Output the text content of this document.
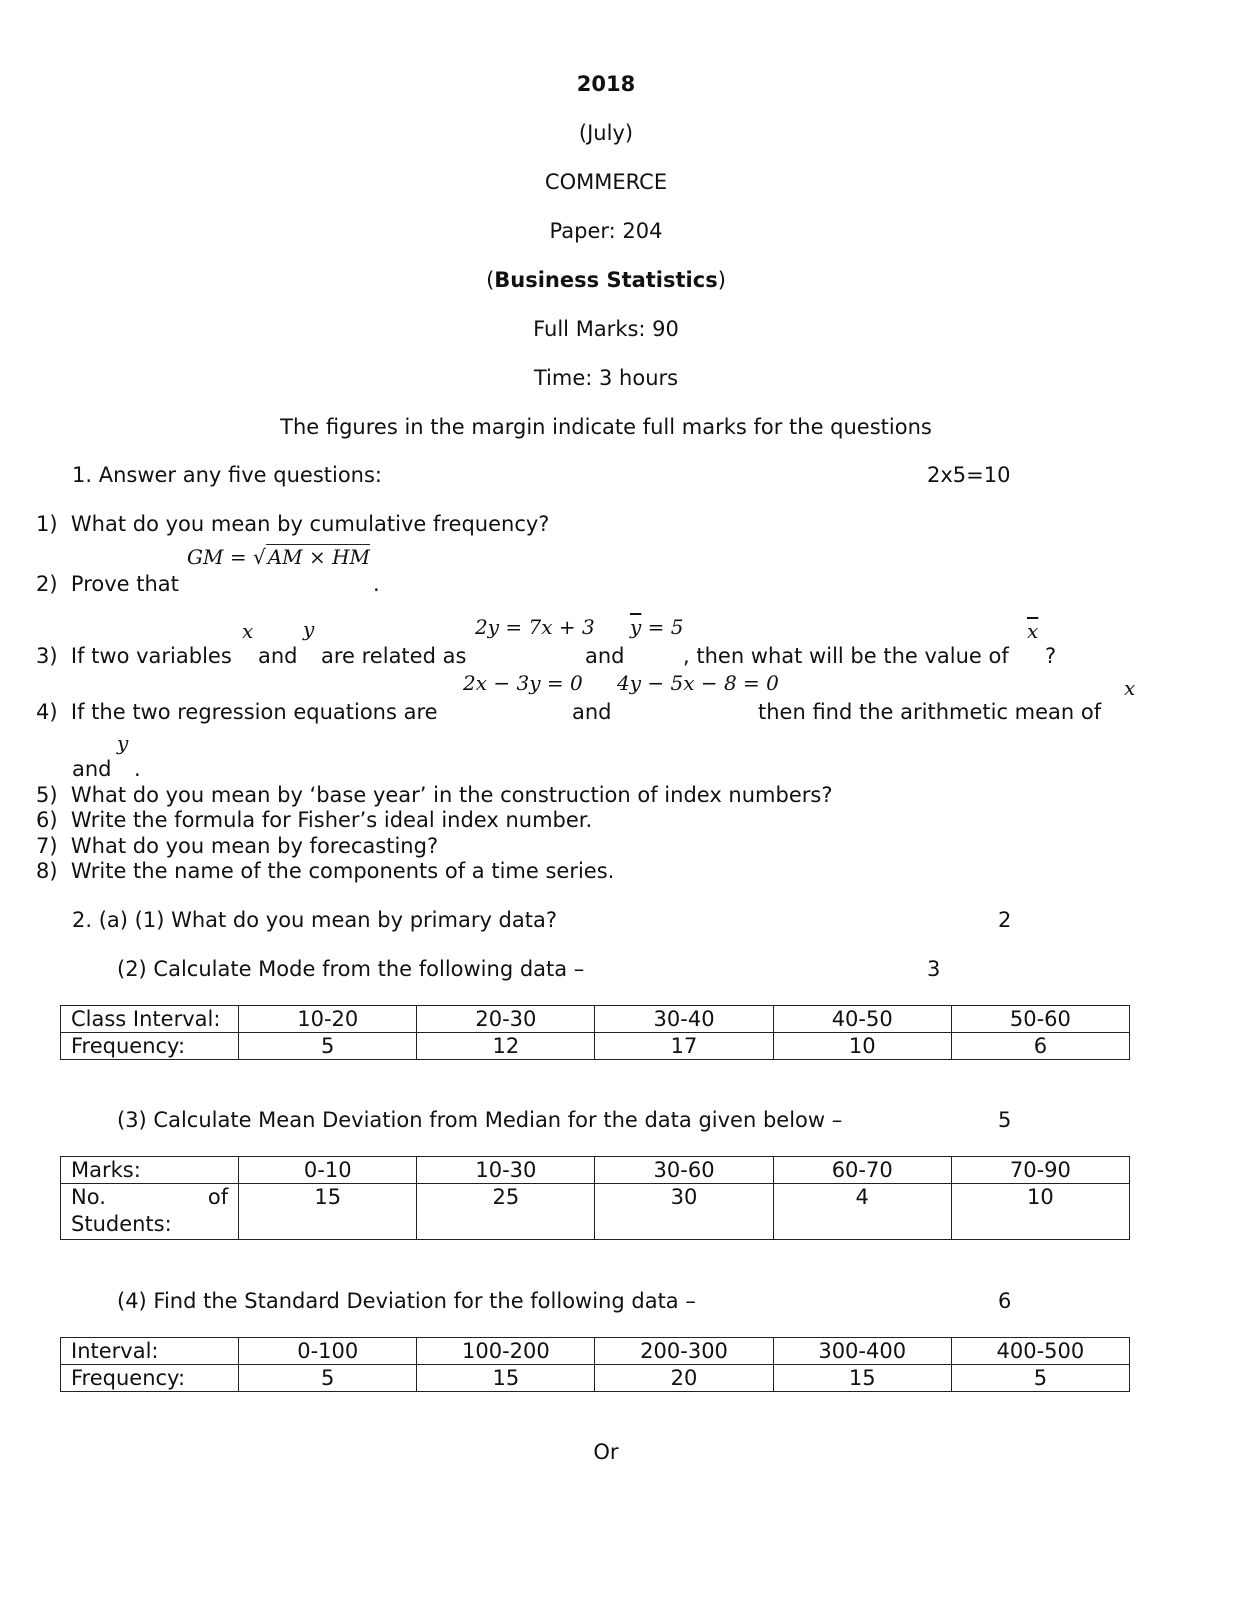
2018
(July)
COMMERCE
Paper: 204
(Business Statistics)
Full Marks: 90
Time: 3 hours
The figures in the margin indicate full marks for the questions
1. Answer any five questions:	2x5=10
1) What do you mean by cumulative frequency?
GM = √ AM × HM
2) Prove that	.
x y	2y = 7x + 3 $\overline{y} = 5$	$\overline{x}$
3) If two variables and are related as	and	, then what will be the value of ?
2x − 3y = 0 4y − 5x − 8 = 0	x
4) If the two regression equations are	and	then find the arithmetic mean of
y
and .
5) What do you mean by ‘base year’ in the construction of index numbers?
6) Write the formula for Fisher’s ideal index number.
7) What do you mean by forecasting?
8) Write the name of the components of a time series.
2. (a) (1) What do you mean by primary data?	2
(2) Calculate Mode from the following data –	3
Class Interval:	10-20	20-30	30-40	40-50	50-60
Frequency:	5	12	17	10	6
(3) Calculate Mean Deviation from Median for the data given below –	5
Marks:	0-10	10-30	30-60	60-70	70-90

No. of
Students:	15	25	30	4	10
(4) Find the Standard Deviation for the following data –	6
Interval:	0-100	100-200	200-300	300-400	400-500
Frequency:	5	15	20	15	5
Or
